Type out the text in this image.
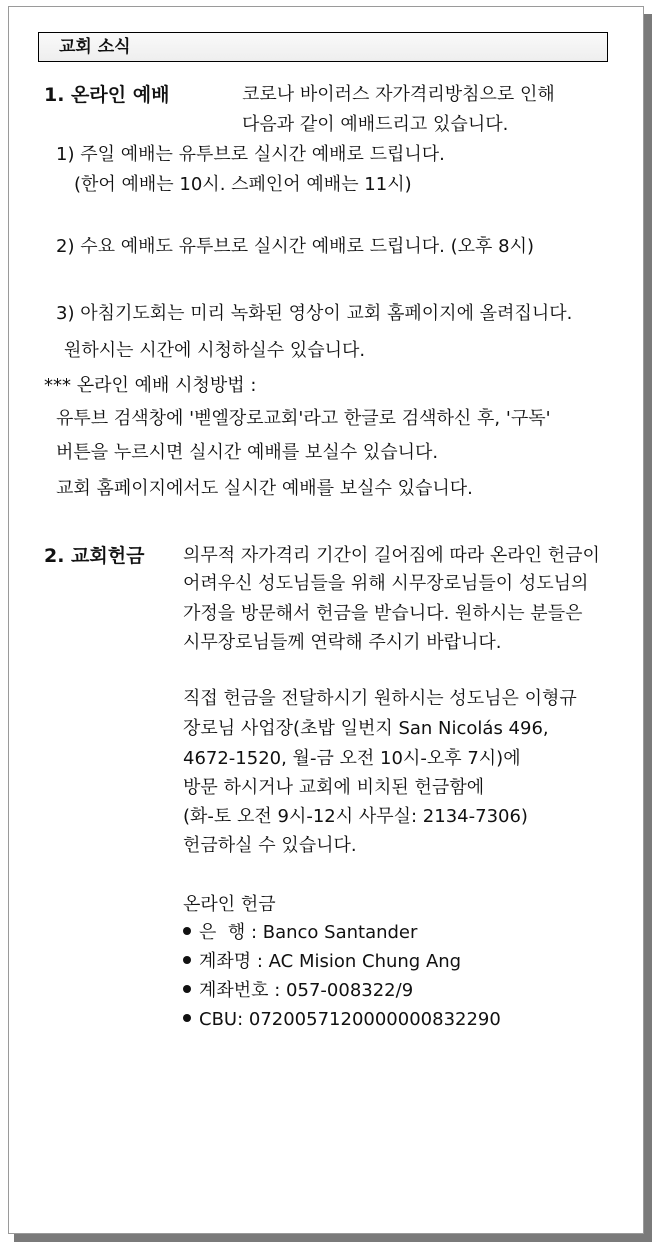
교회 소식
1. 온라인 예배	코로나 바이러스 자가격리방침으로 인해
다음과 같이 예배드리고 있습니다.
1) 주일 예배는 유투브로 실시간 예배로 드립니다.
(한어 예배는 10시. 스페인어 예배는 11시)
2) 수요 예배도 유투브로 실시간 예배로 드립니다. (오후 8시)
3) 아침기도회는 미리 녹화된 영상이 교회 홈페이지에 올려집니다.
원하시는 시간에 시청하실수 있습니다.
*** 온라인 예배 시청방법 :
유투브 검색창에 '벧엘장로교회'라고 한글로 검색하신 후, '구독'
버튼을 누르시면 실시간 예배를 보실수 있습니다.
교회 홈페이지에서도 실시간 예배를 보실수 있습니다.
2. 교회헌금 의무적 자가격리 기간이 길어짐에 따라 온라인 헌금이
어려우신 성도님들을 위해 시무장로님들이 성도님의
가정을 방문해서 헌금을 받습니다. 원하시는 분들은
시무장로님들께 연락해 주시기 바랍니다.
직접 헌금을 전달하시기 원하시는 성도님은 이형규
장로님 사업장(초밥 일번지 San Nicolás 496,
4672-1520, 월-금 오전 10시-오후 7시)에
방문 하시거나 교회에 비치된 헌금함에
(화-토 오전 9시-12시 사무실: 2134-7306)
헌금하실 수 있습니다.
온라인 헌금
은  행 : Banco Santander
계좌명 : AC Mision Chung Ang
계좌번호 : 057-008322/9
CBU: 0720057120000000832290
